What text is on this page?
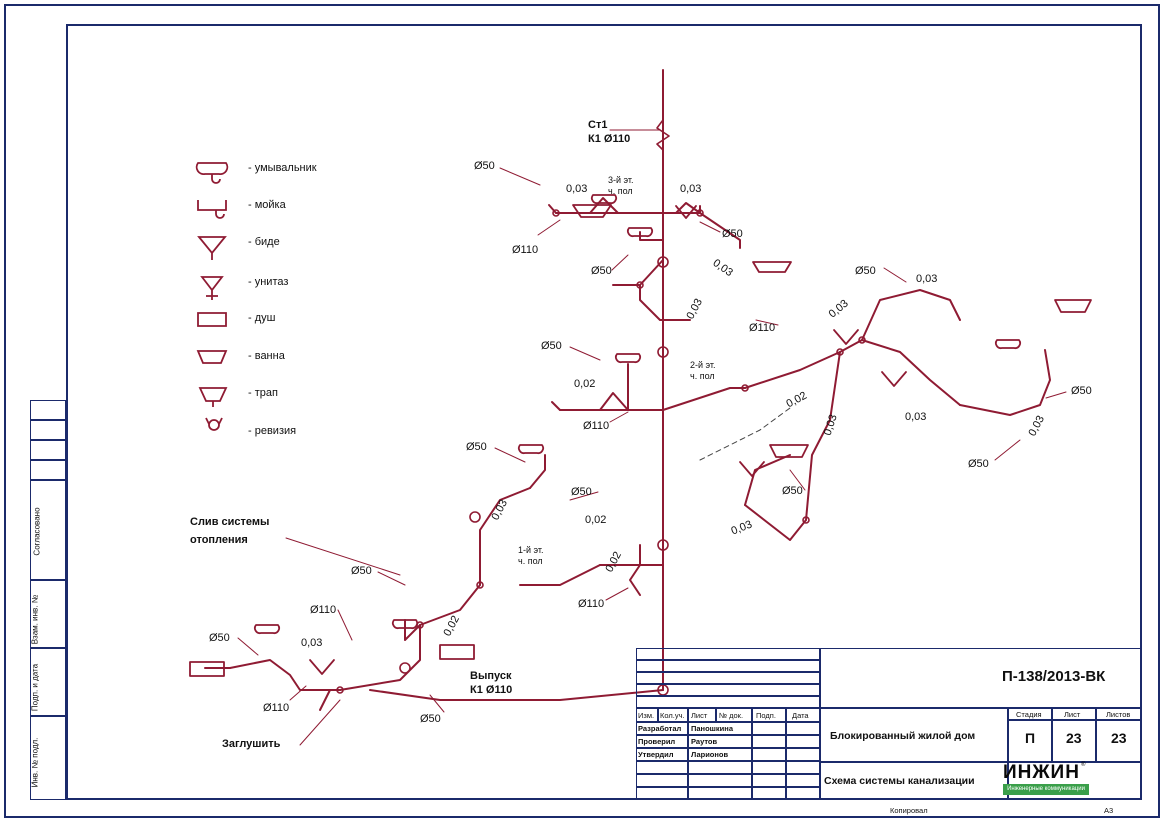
Согласовано
Взам. инв. №
Подп. и дата
Инв. № подл.
- умывальник
- мойка
- биде
- унитаз
- душ
- ванна
- трап
- ревизия
Ст1
К1 Ø110
Выпуск
К1 Ø110
Слив системы
отопления
Заглушить
3-й эт.
ч. пол
2-й эт.
ч. пол
1-й эт.
ч. пол
Ø50
Ø110
Ø50
Ø50
Ø110
Ø50
Ø50
Ø50
Ø50
Ø110
Ø50
Ø50	Ø50
Ø110
Ø50
Ø110
Ø50
Ø110
Ø50
0,03	0,03
0,03
0,03	0,03
0,03
0,02
0,03	0,03	0,03
0,02
0,03	0,02	0,03
0,02
0,02
0,03
Изм. Кол.уч. Лист № док. Подп. Дата
Разработал Паношкина
Проверил Раутов
Утвердил Ларионов
П-138/2013-ВК
Блокированный жилой дом
Схема системы канализации
Стадия	Лист	Листов
П 23 23
ИНЖИН ®
Инженерные коммуникации
Копировал	A3
